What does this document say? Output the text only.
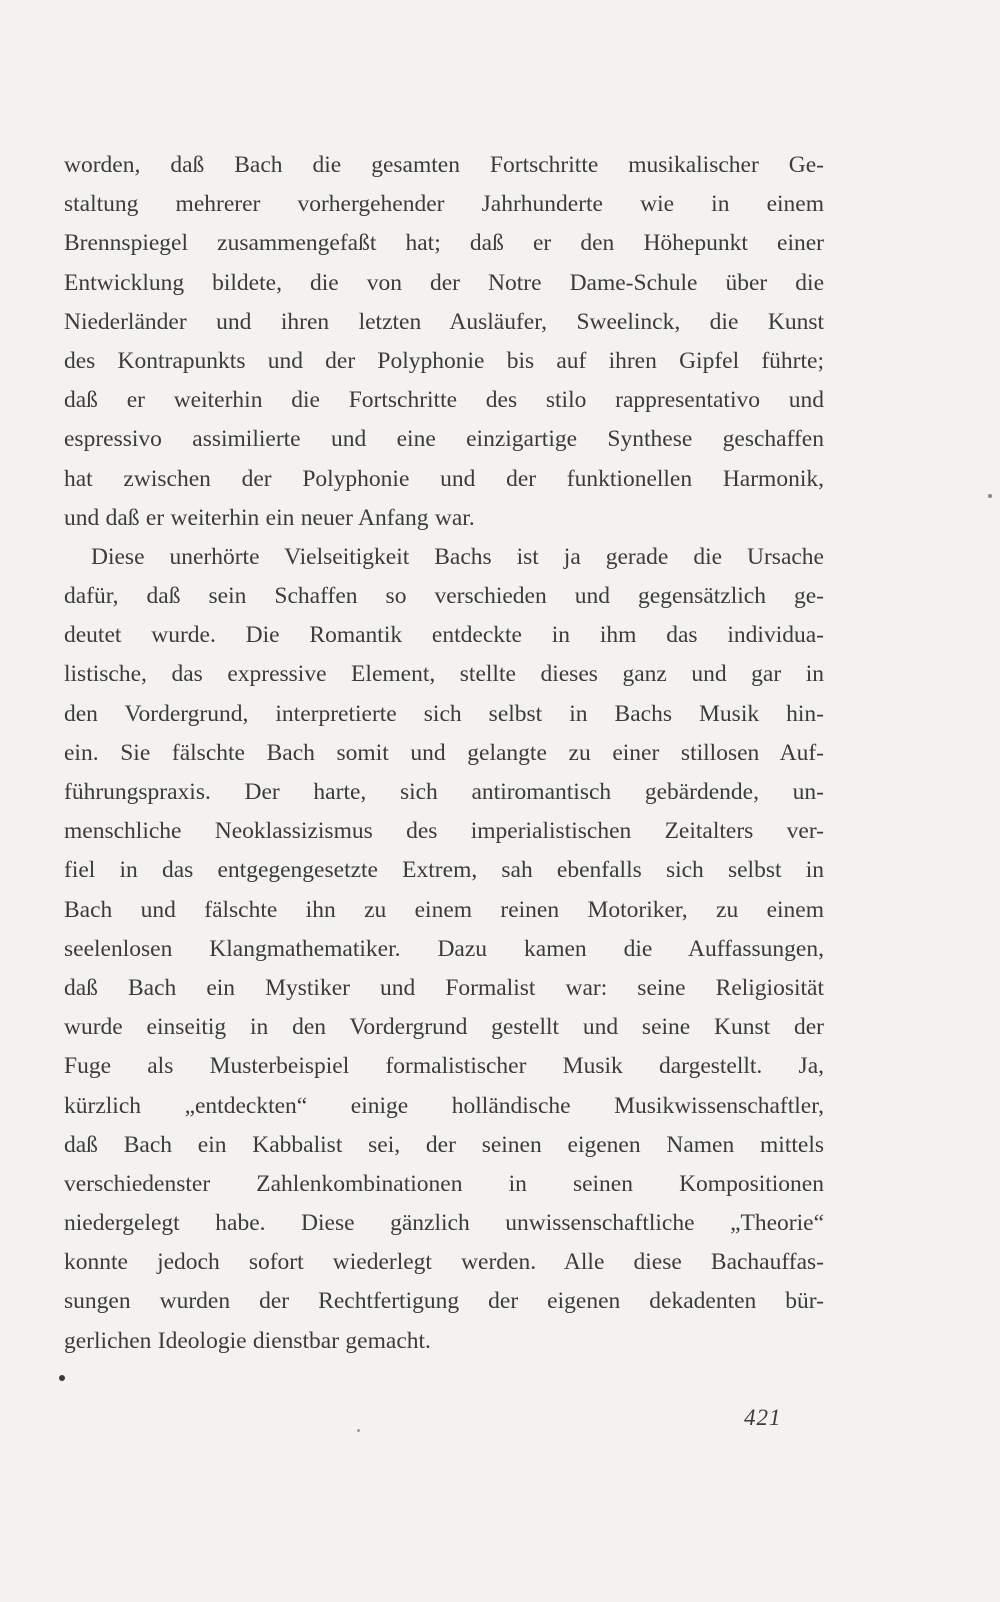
worden, daß Bach die gesamten Fortschritte musikalischer Ge-
staltung mehrerer vorhergehender Jahrhunderte wie in einem
Brennspiegel zusammengefaßt hat; daß er den Höhepunkt einer
Entwicklung bildete, die von der Notre Dame-Schule über die
Niederländer und ihren letzten Ausläufer, Sweelinck, die Kunst
des Kontrapunkts und der Polyphonie bis auf ihren Gipfel führte;
daß er weiterhin die Fortschritte des stilo rappresentativo und
espressivo assimilierte und eine einzigartige Synthese geschaffen
hat zwischen der Polyphonie und der funktionellen Harmonik,
und daß er weiterhin ein neuer Anfang war.
Diese unerhörte Vielseitigkeit Bachs ist ja gerade die Ursache
dafür, daß sein Schaffen so verschieden und gegensätzlich ge-
deutet wurde. Die Romantik entdeckte in ihm das individua-
listische, das expressive Element, stellte dieses ganz und gar in
den Vordergrund, interpretierte sich selbst in Bachs Musik hin-
ein. Sie fälschte Bach somit und gelangte zu einer stillosen Auf-
führungspraxis. Der harte, sich antiromantisch gebärdende, un-
menschliche Neoklassizismus des imperialistischen Zeitalters ver-
fiel in das entgegengesetzte Extrem, sah ebenfalls sich selbst in
Bach und fälschte ihn zu einem reinen Motoriker, zu einem
seelenlosen Klangmathematiker. Dazu kamen die Auffassungen,
daß Bach ein Mystiker und Formalist war: seine Religiosität
wurde einseitig in den Vordergrund gestellt und seine Kunst der
Fuge als Musterbeispiel formalistischer Musik dargestellt. Ja,
kürzlich „entdeckten“ einige holländische Musikwissenschaftler,
daß Bach ein Kabbalist sei, der seinen eigenen Namen mittels
verschiedenster Zahlenkombinationen in seinen Kompositionen
niedergelegt habe. Diese gänzlich unwissenschaftliche „Theorie“
konnte jedoch sofort wiederlegt werden. Alle diese Bachauffas-
sungen wurden der Rechtfertigung der eigenen dekadenten bür-
gerlichen Ideologie dienstbar gemacht.
421
